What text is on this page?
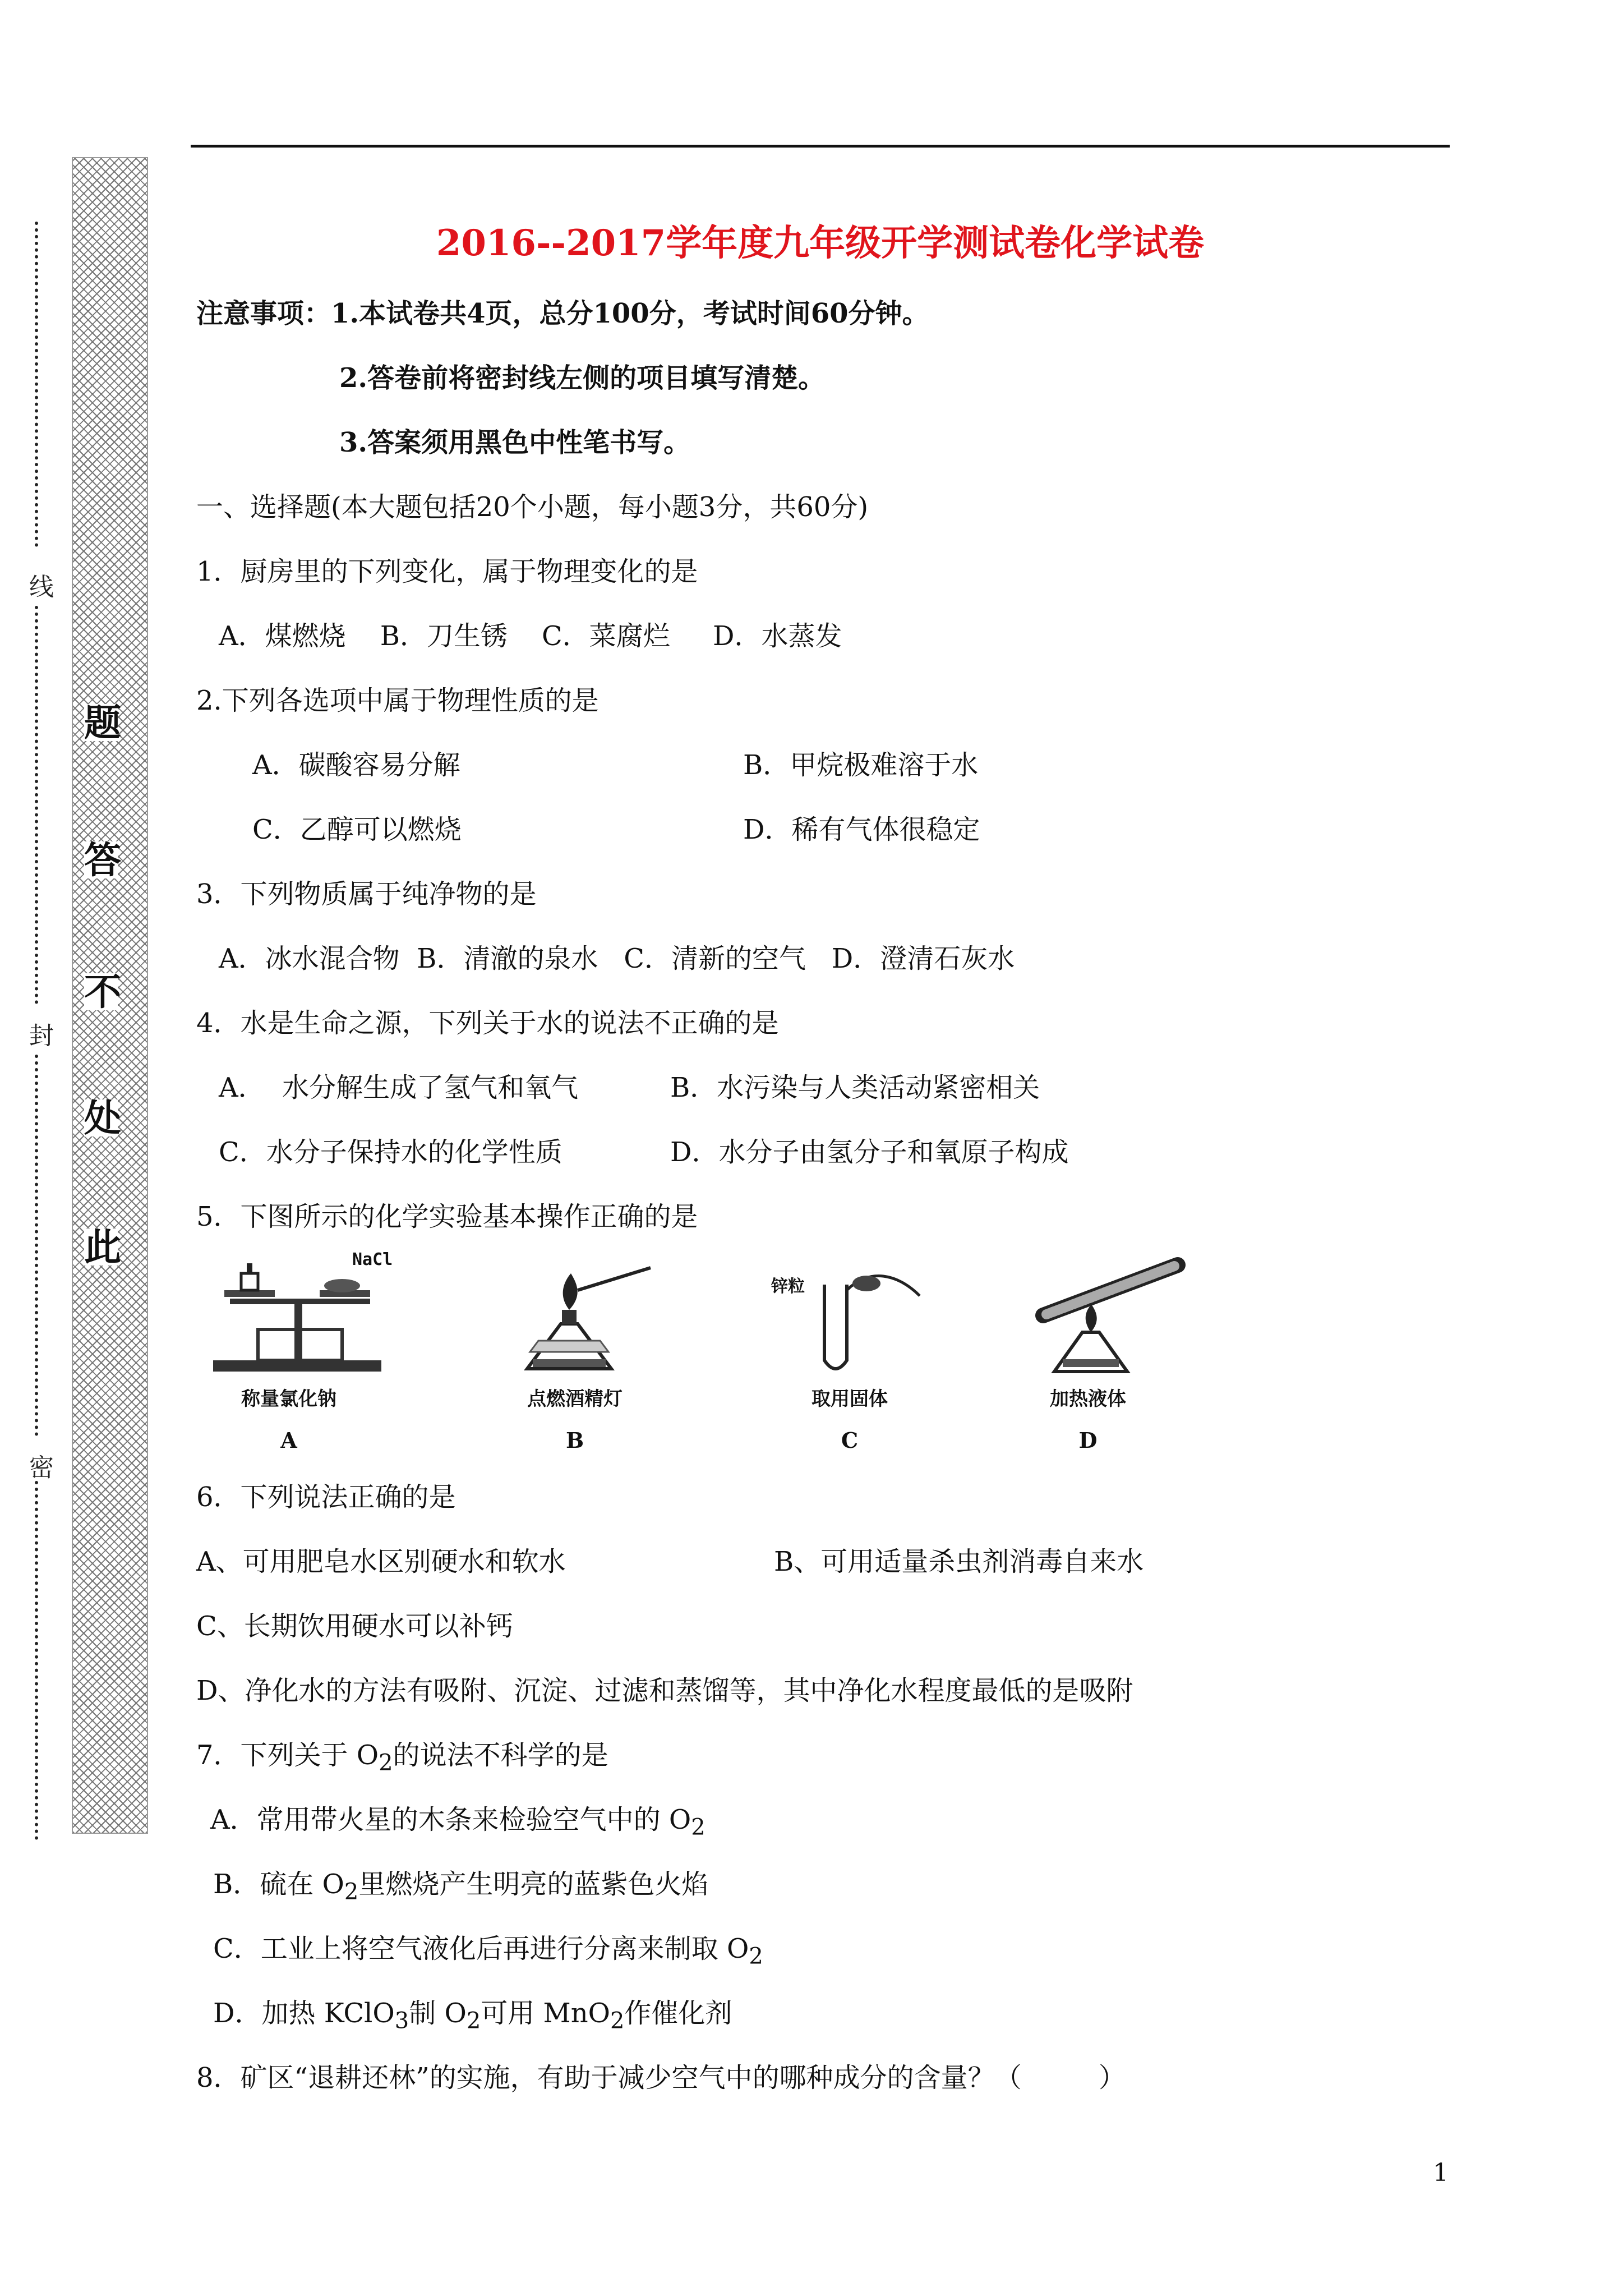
线
封
密
题
答
不
处
此
2016--2017学年度九年级开学测试卷化学试卷
注意事项： 1.本试卷共4页，总分100分，考试时间60分钟。
2.答卷前将密封线左侧的项目填写清楚。
3.答案须用黑色中性笔书写。
一、选择题(本大题包括20个小题，每小题3分，共60分)
1．厨房里的下列变化，属于物理变化的是
A．煤燃烧    B．刀生锈    C．菜腐烂     D．水蒸发
2.下列各选项中属于物理性质的是
A．碳酸容易分解	B．甲烷极难溶于水
C．乙醇可以燃烧	D．稀有气体很稳定
3．下列物质属于纯净物的是
A．冰水混合物  B．清澈的泉水   C．清新的空气   D．澄清石灰水
4．水是生命之源，下列关于水的说法不正确的是
A．  水分解生成了氢气和氧气	B．水污染与人类活动紧密相关
C．水分子保持水的化学性质	D．水分子由氢分子和氧原子构成
5．下图所示的化学实验基本操作正确的是
NaCl
称量氯化钠
A
点燃酒精灯
B
锌粒
取用固体
C
加热液体
D
6．下列说法正确的是
A、可用肥皂水区别硬水和软水	B、可用适量杀虫剂消毒自来水
C、长期饮用硬水可以补钙
D、净化水的方法有吸附、沉淀、过滤和蒸馏等，其中净化水程度最低的是吸附
7．下列关于 $O_2$的说法不科学的是
A．常用带火星的木条来检验空气中的 $O_2$
B．硫在 $O_2$里燃烧产生明亮的蓝紫色火焰
C．工业上将空气液化后再进行分离来制取 $O_2$
D．加热 KClO$_3$制 $O_2$可用 MnO$_2$作催化剂
8．矿区“退耕还林”的实施，有助于减少空气中的哪种成分的含量？（         ）
1
